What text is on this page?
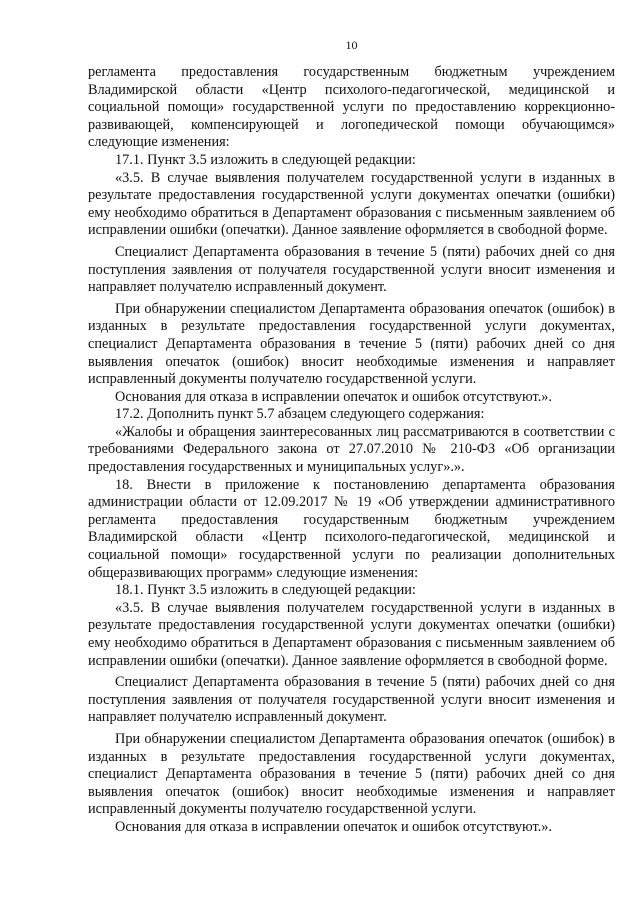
10

регламента предоставления государственным бюджетным учреждением Владимирской области «Центр психолого-педагогической, медицинской и социальной помощи» государственной услуги по предоставлению коррекционно-развивающей, компенсирующей и логопедической помощи обучающимся» следующие изменения:

17.1. Пункт 3.5 изложить в следующей редакции:

«3.5. В случае выявления получателем государственной услуги в изданных в результате предоставления государственной услуги документах опечатки (ошибки) ему необходимо обратиться в Департамент образования с письменным заявлением об исправлении ошибки (опечатки). Данное заявление оформляется в свободной форме.

Специалист Департамента образования в течение 5 (пяти) рабочих дней со дня поступления заявления от получателя государственной услуги вносит изменения и направляет получателю исправленный документ.

При обнаружении специалистом Департамента образования опечаток (ошибок) в изданных в результате предоставления государственной услуги документах, специалист Департамента образования в течение 5 (пяти) рабочих дней со дня выявления опечаток (ошибок) вносит необходимые изменения и направляет исправленный документы получателю государственной услуги.

Основания для отказа в исправлении опечаток и ошибок отсутствуют.».

17.2. Дополнить пункт 5.7 абзацем следующего содержания:

«Жалобы и обращения заинтересованных лиц рассматриваются в соответствии с требованиями Федерального закона от 27.07.2010 № 210-ФЗ «Об организации предоставления государственных и муниципальных услуг».».

18. Внести в приложение к постановлению департамента образования администрации области от 12.09.2017 № 19 «Об утверждении административного регламента предоставления государственным бюджетным учреждением Владимирской области «Центр психолого-педагогической, медицинской и социальной помощи» государственной услуги по реализации дополнительных общеразвивающих программ» следующие изменения:

18.1. Пункт 3.5 изложить в следующей редакции:

«3.5. В случае выявления получателем государственной услуги в изданных в результате предоставления государственной услуги документах опечатки (ошибки) ему необходимо обратиться в Департамент образования с письменным заявлением об исправлении ошибки (опечатки). Данное заявление оформляется в свободной форме.

Специалист Департамента образования в течение 5 (пяти) рабочих дней со дня поступления заявления от получателя государственной услуги вносит изменения и направляет получателю исправленный документ.

При обнаружении специалистом Департамента образования опечаток (ошибок) в изданных в результате предоставления государственной услуги документах, специалист Департамента образования в течение 5 (пяти) рабочих дней со дня выявления опечаток (ошибок) вносит необходимые изменения и направляет исправленный документы получателю государственной услуги.

Основания для отказа в исправлении опечаток и ошибок отсутствуют.».
